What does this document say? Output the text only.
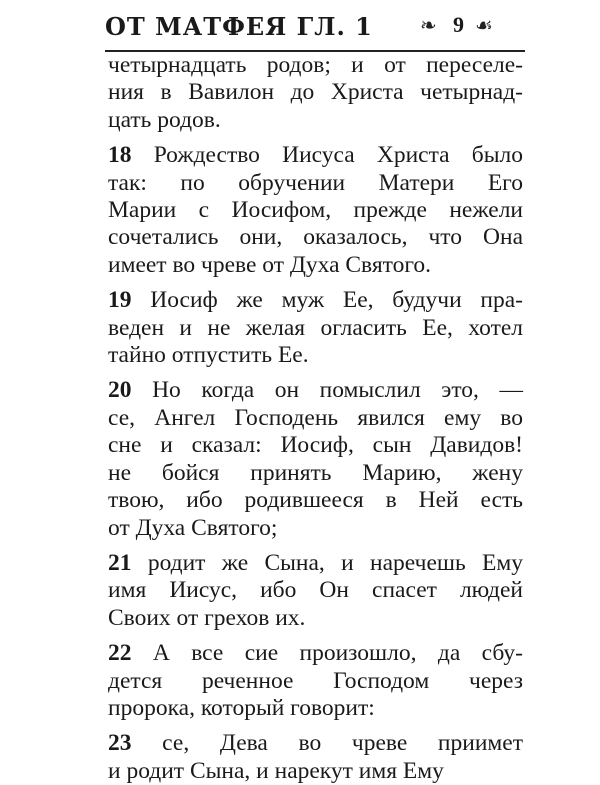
ОТ МАТФЕЯ ГЛ. 1 ❧ 9 ☙
четырнадцать родов; и от переселе-
ния в Вавилон до Христа четырнад-
цать родов.
18 Рождество Иисуса Христа было
так: по обручении Матери Его
Марии с Иосифом, прежде нежели
сочетались они, оказалось, что Она
имеет во чреве от Духа Святого.
19 Иосиф же муж Ее, будучи пра-
веден и не желая огласить Ее, хотел
тайно отпустить Ее.
20 Но когда он помыслил это, —
се, Ангел Господень явился ему во
сне и сказал: Иосиф, сын Давидов!
не бойся принять Марию, жену
твою, ибо родившееся в Ней есть
от Духа Святого;
21 родит же Сына, и наречешь Ему
имя Иисус, ибо Он спасет людей
Своих от грехов их.
22 А все сие произошло, да сбу-
дется реченное Господом через
пророка, который говорит:
23 се, Дева во чреве приимет
и родит Сына, и нарекут имя Ему
